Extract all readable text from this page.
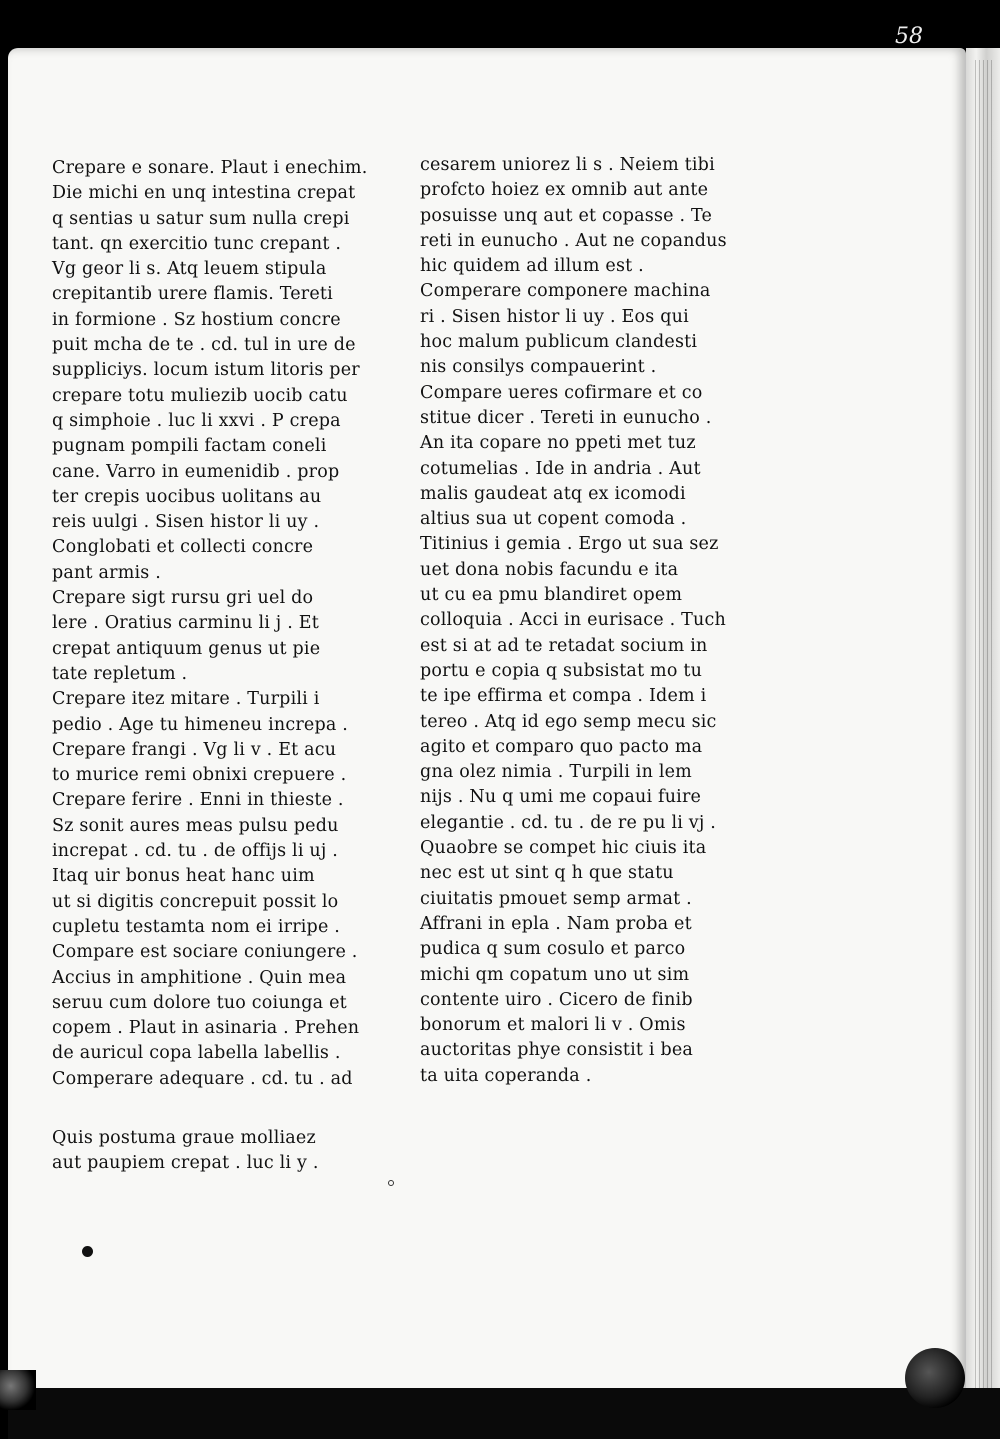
58
Crepare e sonare. Plaut i enechim.
Die michi en unq intestina crepat
q sentias u satur sum nulla crepi
tant. qn exercitio tunc crepant .
Vg geor li s. Atq leuem stipula
crepitantib urere flamis. Tereti
in formione . Sz hostium concre
puit mcha de te . cd. tul in ure de
suppliciys. locum istum litoris per
crepare totu muliezib uocib catu
q simphoie . luc li xxvi . P crepa
pugnam pompili factam coneli
cane. Varro in eumenidib . prop
ter crepis uocibus uolitans au
reis uulgi . Sisen histor li uy .
Conglobati et collecti concre
pant armis .
Crepare sigt rursu gri uel do
lere . Oratius carminu li j . Et
crepat antiquum genus ut pie
tate repletum .
Crepare itez mitare . Turpili i
pedio . Age tu himeneu increpa .
Crepare frangi . Vg li v . Et acu
to murice remi obnixi crepuere .
Crepare ferire . Enni in thieste .
Sz sonit aures meas pulsu pedu
increpat . cd. tu . de offijs li uj .
Itaq uir bonus heat hanc uim
ut si digitis concrepuit possit lo
cupletu testamta nom ei irripe .
Compare est sociare coniungere .
Accius in amphitione . Quin mea
seruu cum dolore tuo coiunga et
copem . Plaut in asinaria . Prehen
de auricul copa labella labellis .
Comperare adequare . cd. tu . ad
Quis postuma graue molliaez
aut paupiem crepat . luc li y .
cesarem uniorez li s . Neiem tibi
profcto hoiez ex omnib aut ante
posuisse unq aut et copasse . Te
reti in eunucho . Aut ne copandus
hic quidem ad illum est .
Comperare componere machina
ri . Sisen histor li uy . Eos qui
hoc malum publicum clandesti
nis consilys compauerint .
Compare ueres cofirmare et co
stitue dicer . Tereti in eunucho .
An ita copare no ppeti met tuz
cotumelias . Ide in andria . Aut
malis gaudeat atq ex icomodi
altius sua ut copent comoda .
Titinius i gemia . Ergo ut sua sez
uet dona nobis facundu e ita
ut cu ea pmu blandiret opem
colloquia . Acci in eurisace . Tuch
est si at ad te retadat socium in
portu e copia q subsistat mo tu
te ipe effirma et compa . Idem i
tereo . Atq id ego semp mecu sic
agito et comparo quo pacto ma
gna olez nimia . Turpili in lem
nijs . Nu q umi me copaui fuire
elegantie . cd. tu . de re pu li vj .
Quaobre se compet hic ciuis ita
nec est ut sint q h que statu
ciuitatis pmouet semp armat .
Affrani in epla . Nam proba et
pudica q sum cosulo et parco
michi qm copatum uno ut sim
contente uiro . Cicero de finib
bonorum et malori li v . Omis
auctoritas phye consistit i bea
ta uita coperanda .
